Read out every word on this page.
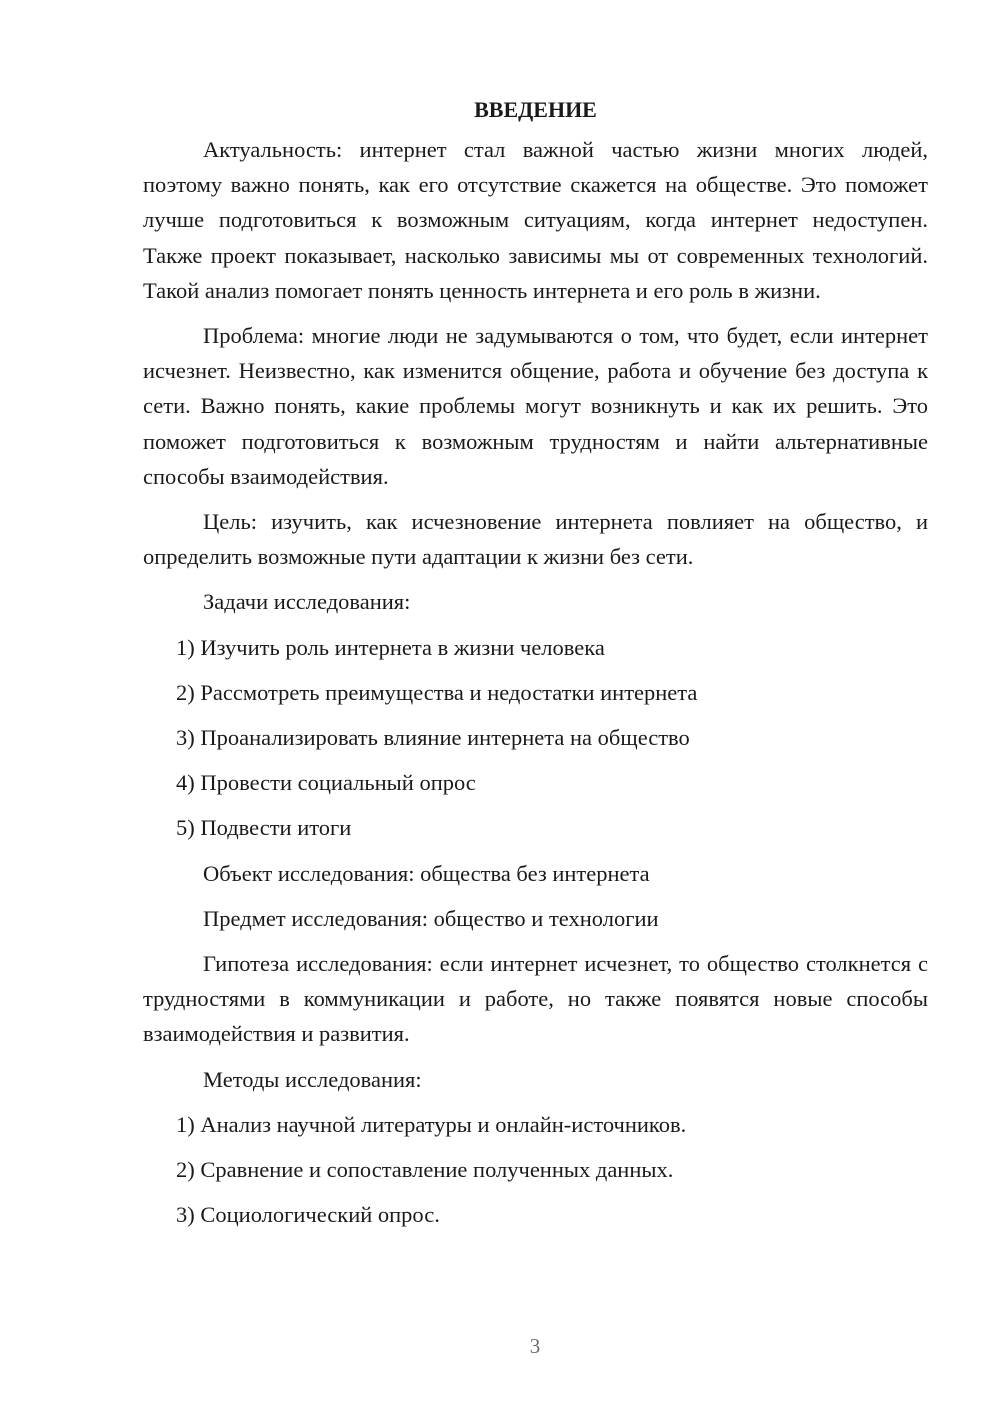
ВВЕДЕНИЕ

Актуальность: интернет стал важной частью жизни многих людей, поэтому важно понять, как его отсутствие скажется на обществе. Это поможет лучше подготовиться к возможным ситуациям, когда интернет недоступен. Также проект показывает, насколько зависимы мы от современных технологий. Такой анализ помогает понять ценность интернета и его роль в жизни.

Проблема: многие люди не задумываются о том, что будет, если интернет исчезнет. Неизвестно, как изменится общение, работа и обучение без доступа к сети. Важно понять, какие проблемы могут возникнуть и как их решить. Это поможет подготовиться к возможным трудностям и найти альтернативные способы взаимодействия.

Цель: изучить, как исчезновение интернета повлияет на общество, и определить возможные пути адаптации к жизни без сети.

Задачи исследования:
1) Изучить роль интернета в жизни человека
2) Рассмотреть преимущества и недостатки интернета
3) Проанализировать влияние интернета на общество
4) Провести социальный опрос
5) Подвести итоги
Объект исследования: общества без интернета
Предмет исследования: общество и технологии

Гипотеза исследования: если интернет исчезнет, то общество столкнется с трудностями в коммуникации и работе, но также появятся новые способы взаимодействия и развития.

Методы исследования:
1) Анализ научной литературы и онлайн-источников.
2) Сравнение и сопоставление полученных данных.
3) Социологический опрос.
3
